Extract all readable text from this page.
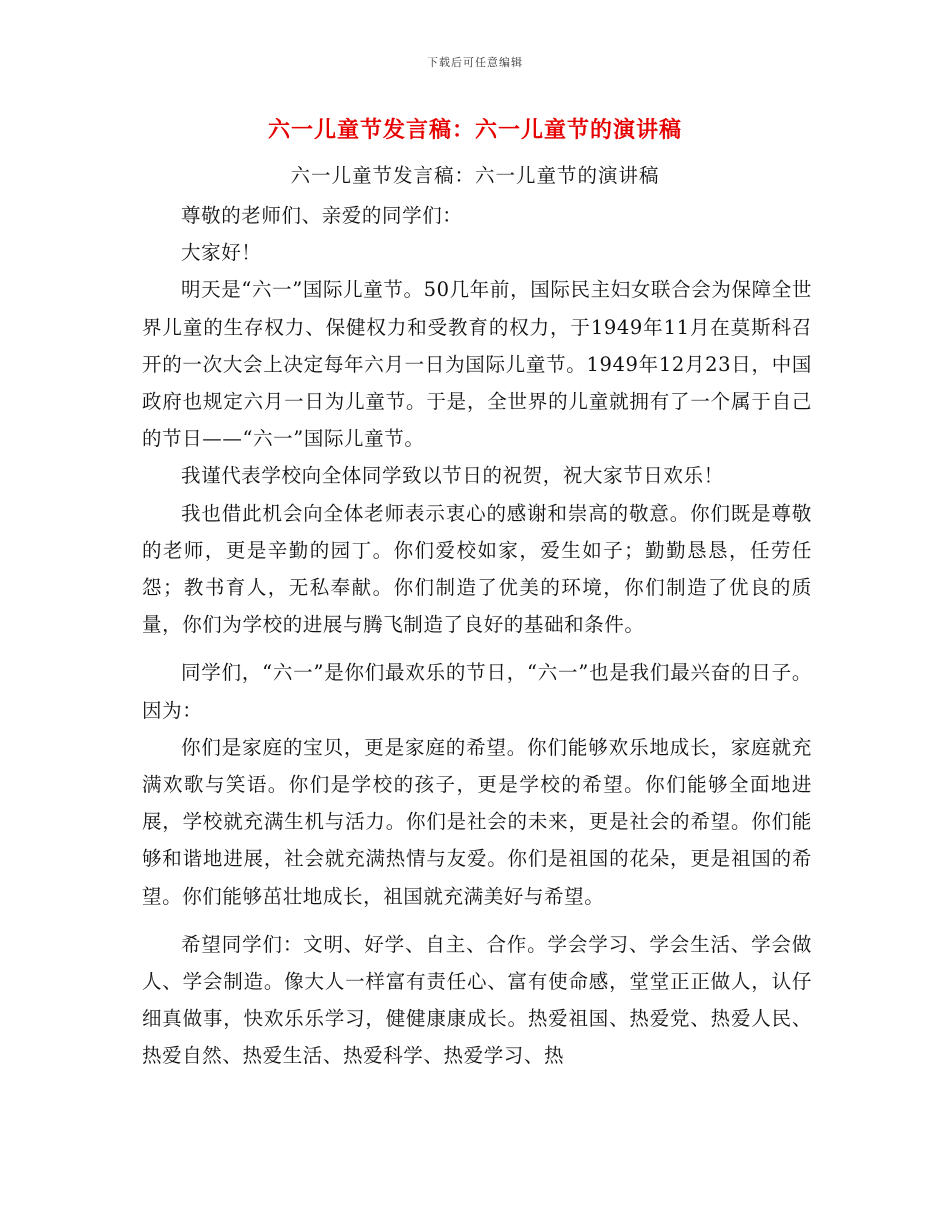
下载后可任意编辑
六一儿童节发言稿：六一儿童节的演讲稿
六一儿童节发言稿：六一儿童节的演讲稿

尊敬的老师们、亲爱的同学们：

大家好！

明天是“六一”国际儿童节。50几年前，国际民主妇女联合会为保障全世界儿童的生存权力、保健权力和受教育的权力，于1949年11月在莫斯科召开的一次大会上决定每年六月一日为国际儿童节。1949年12月23日，中国政府也规定六月一日为儿童节。于是，全世界的儿童就拥有了一个属于自己的节日——“六一”国际儿童节。

我谨代表学校向全体同学致以节日的祝贺，祝大家节日欢乐！

我也借此机会向全体老师表示衷心的感谢和崇高的敬意。你们既是尊敬的老师，更是辛勤的园丁。你们爱校如家，爱生如子；勤勤恳恳，任劳任怨；教书育人，无私奉献。你们制造了优美的环境，你们制造了优良的质量，你们为学校的进展与腾飞制造了良好的基础和条件。

同学们，“六一”是你们最欢乐的节日，“六一”也是我们最兴奋的日子。因为：

你们是家庭的宝贝，更是家庭的希望。你们能够欢乐地成长，家庭就充满欢歌与笑语。你们是学校的孩子，更是学校的希望。你们能够全面地进展，学校就充满生机与活力。你们是社会的未来，更是社会的希望。你们能够和谐地进展，社会就充满热情与友爱。你们是祖国的花朵，更是祖国的希望。你们能够茁壮地成长，祖国就充满美好与希望。

希望同学们：文明、好学、自主、合作。学会学习、学会生活、学会做人、学会制造。像大人一样富有责任心、富有使命感，堂堂正正做人，认仔细真做事，快欢乐乐学习，健健康康成长。热爱祖国、热爱党、热爱人民、热爱自然、热爱生活、热爱科学、热爱学习、热
